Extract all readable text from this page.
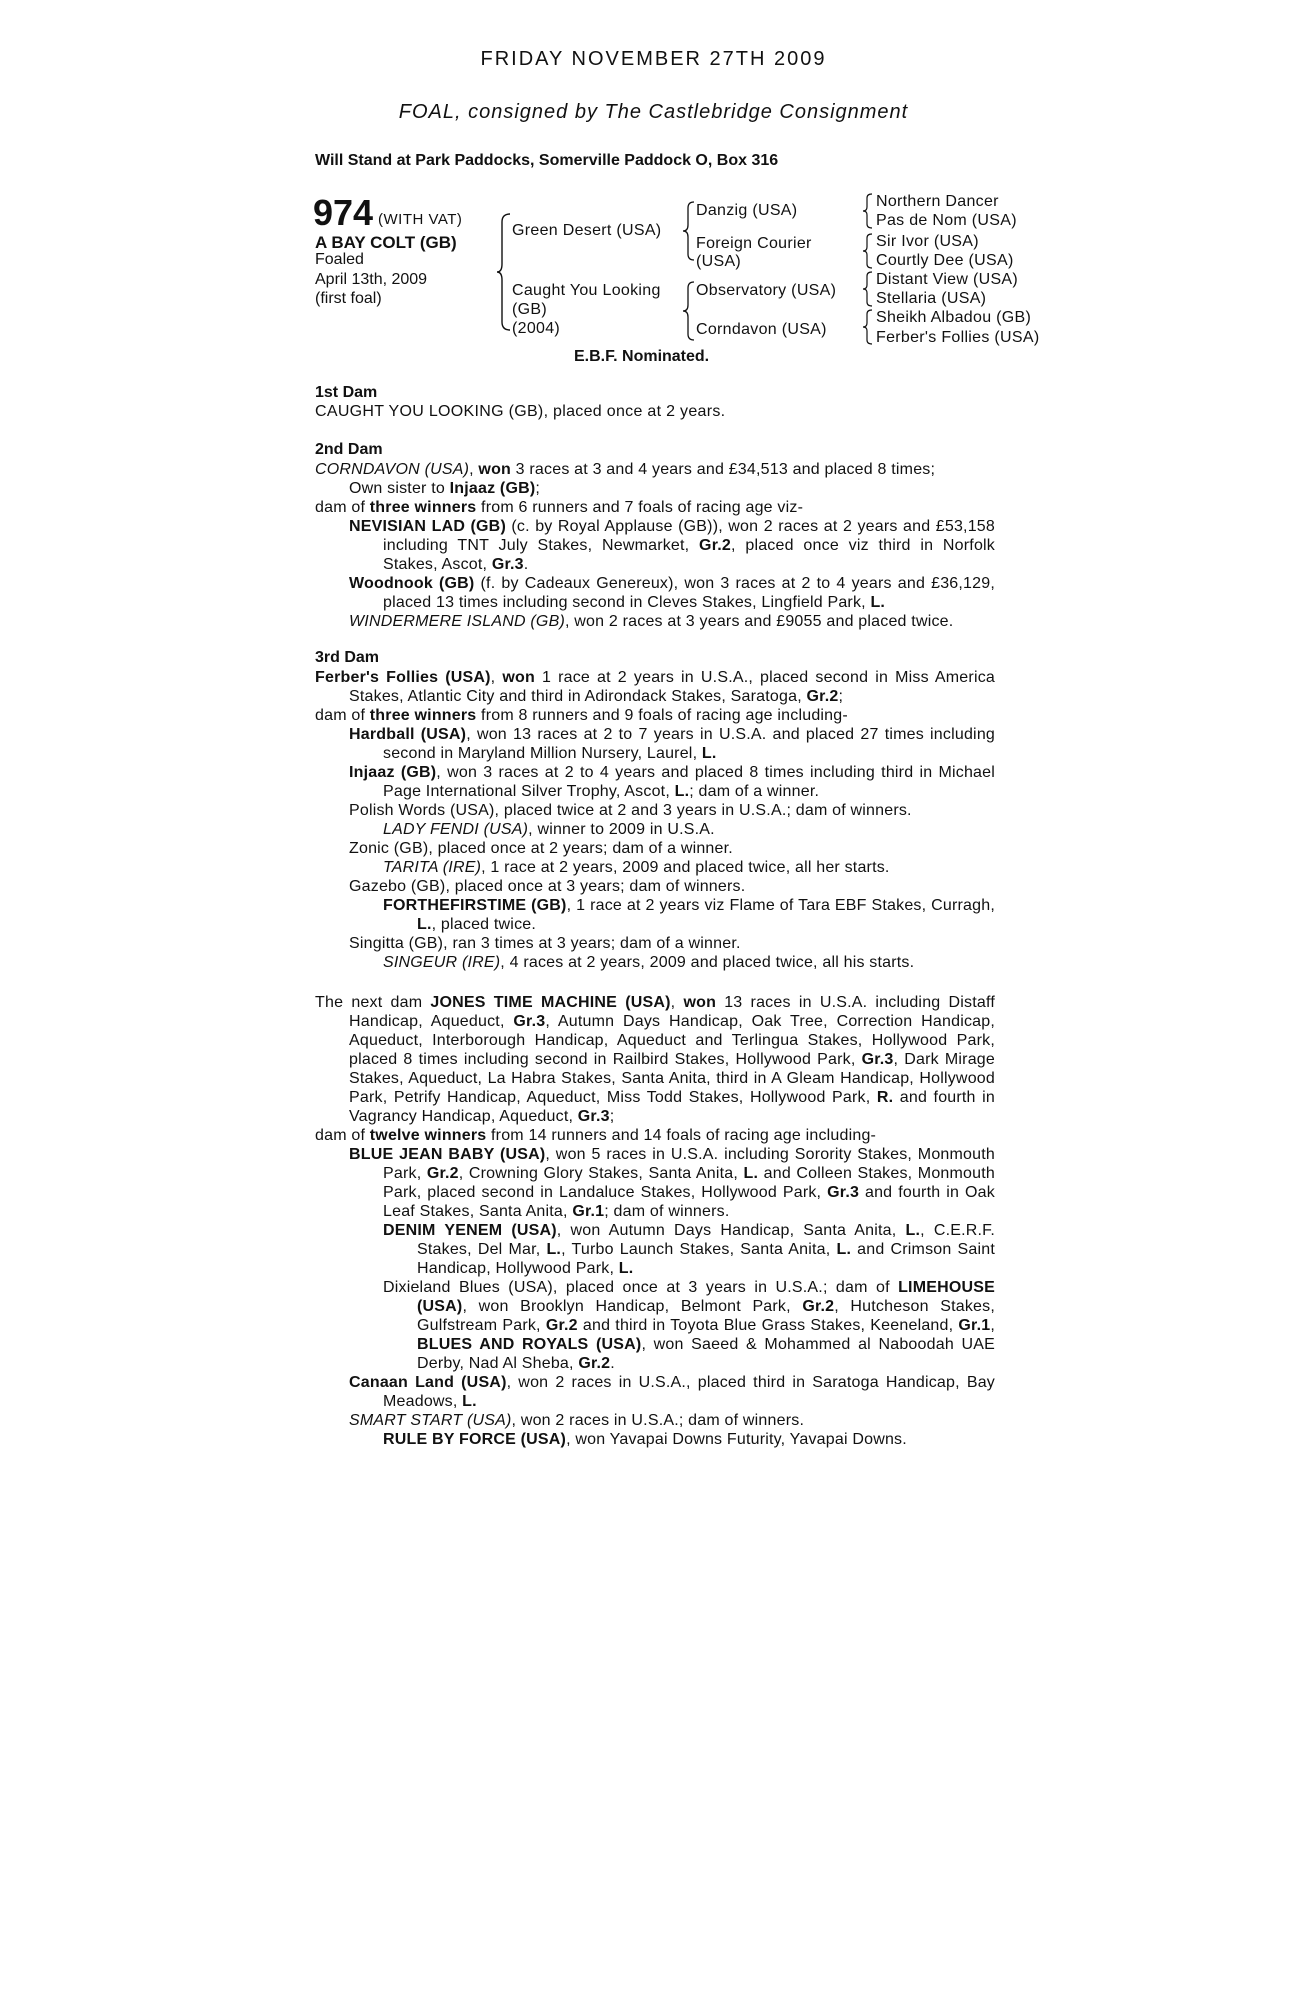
FRIDAY NOVEMBER 27TH 2009
FOAL, consigned by The Castlebridge Consignment
Will Stand at Park Paddocks, Somerville Paddock O, Box 316
974 (WITH VAT)
A BAY COLT (GB)
Foaled
April 13th, 2009
(first foal)
Green Desert (USA)
Caught You Looking
(GB)
(2004)
Danzig (USA)
Foreign Courier
(USA)
Observatory (USA)
Corndavon (USA)
Northern Dancer
Pas de Nom (USA)
Sir Ivor (USA)
Courtly Dee (USA)
Distant View (USA)
Stellaria (USA)
Sheikh Albadou (GB)
Ferber's Follies (USA)
E.B.F. Nominated.
1st Dam
CAUGHT YOU LOOKING (GB), placed once at 2 years.
2nd Dam

CORNDAVON (USA), won 3 races at 3 and 4 years and £34,513 and placed 8 times;

Own sister to Injaaz (GB);

dam of three winners from 6 runners and 7 foals of racing age viz-

NEVISIAN LAD (GB) (c. by Royal Applause (GB)), won 2 races at 2 years and £53,158 including TNT July Stakes, Newmarket, Gr.2, placed once viz third in Norfolk Stakes, Ascot, Gr.3.

Woodnook (GB) (f. by Cadeaux Genereux), won 3 races at 2 to 4 years and £36,129, placed 13 times including second in Cleves Stakes, Lingfield Park, L.

WINDERMERE ISLAND (GB), won 2 races at 3 years and £9055 and placed twice.

3rd Dam

Ferber's Follies (USA), won 1 race at 2 years in U.S.A., placed second in Miss America Stakes, Atlantic City and third in Adirondack Stakes, Saratoga, Gr.2;

dam of three winners from 8 runners and 9 foals of racing age including-

Hardball (USA), won 13 races at 2 to 7 years in U.S.A. and placed 27 times including second in Maryland Million Nursery, Laurel, L.

Injaaz (GB), won 3 races at 2 to 4 years and placed 8 times including third in Michael Page International Silver Trophy, Ascot, L.; dam of a winner.

Polish Words (USA), placed twice at 2 and 3 years in U.S.A.; dam of winners.

LADY FENDI (USA), winner to 2009 in U.S.A.

Zonic (GB), placed once at 2 years; dam of a winner.

TARITA (IRE), 1 race at 2 years, 2009 and placed twice, all her starts.

Gazebo (GB), placed once at 3 years; dam of winners.

FORTHEFIRSTIME (GB), 1 race at 2 years viz Flame of Tara EBF Stakes, Curragh, L., placed twice.

Singitta (GB), ran 3 times at 3 years; dam of a winner.

SINGEUR (IRE), 4 races at 2 years, 2009 and placed twice, all his starts.

The next dam JONES TIME MACHINE (USA), won 13 races in U.S.A. including Distaff Handicap, Aqueduct, Gr.3, Autumn Days Handicap, Oak Tree, Correction Handicap, Aqueduct, Interborough Handicap, Aqueduct and Terlingua Stakes, Hollywood Park, placed 8 times including second in Railbird Stakes, Hollywood Park, Gr.3, Dark Mirage Stakes, Aqueduct, La Habra Stakes, Santa Anita, third in A Gleam Handicap, Hollywood Park, Petrify Handicap, Aqueduct, Miss Todd Stakes, Hollywood Park, R. and fourth in Vagrancy Handicap, Aqueduct, Gr.3;

dam of twelve winners from 14 runners and 14 foals of racing age including-

BLUE JEAN BABY (USA), won 5 races in U.S.A. including Sorority Stakes, Monmouth Park, Gr.2, Crowning Glory Stakes, Santa Anita, L. and Colleen Stakes, Monmouth Park, placed second in Landaluce Stakes, Hollywood Park, Gr.3 and fourth in Oak Leaf Stakes, Santa Anita, Gr.1; dam of winners.

DENIM YENEM (USA), won Autumn Days Handicap, Santa Anita, L., C.E.R.F. Stakes, Del Mar, L., Turbo Launch Stakes, Santa Anita, L. and Crimson Saint Handicap, Hollywood Park, L.

Dixieland Blues (USA), placed once at 3 years in U.S.A.; dam of LIMEHOUSE (USA), won Brooklyn Handicap, Belmont Park, Gr.2, Hutcheson Stakes, Gulfstream Park, Gr.2 and third in Toyota Blue Grass Stakes, Keeneland, Gr.1, BLUES AND ROYALS (USA), won Saeed & Mohammed al Naboodah UAE Derby, Nad Al Sheba, Gr.2.

Canaan Land (USA), won 2 races in U.S.A., placed third in Saratoga Handicap, Bay Meadows, L.

SMART START (USA), won 2 races in U.S.A.; dam of winners.

RULE BY FORCE (USA), won Yavapai Downs Futurity, Yavapai Downs.
